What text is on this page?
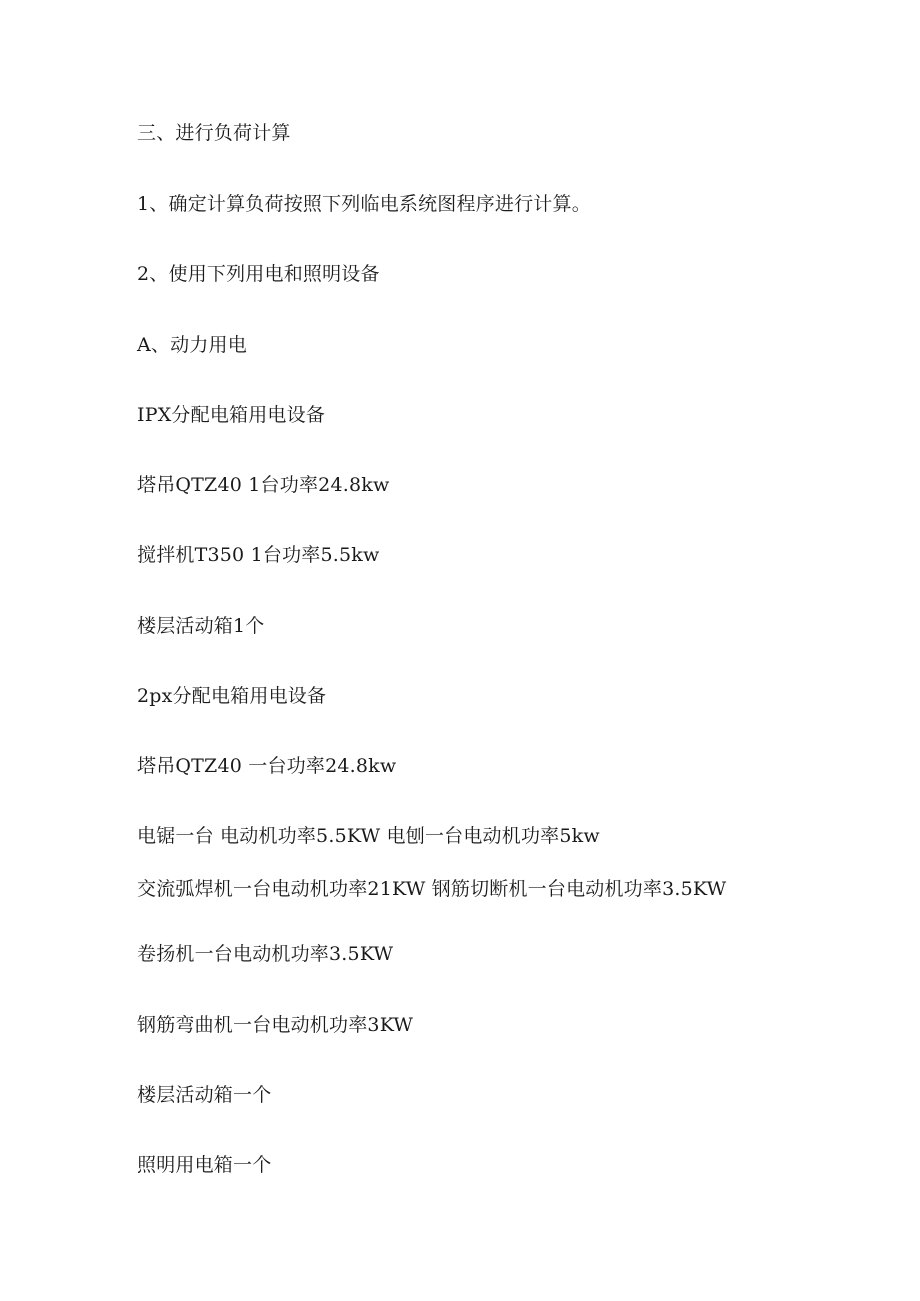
三、进行负荷计算
1、确定计算负荷按照下列临电系统图程序进行计算。
2、使用下列用电和照明设备
A、动力用电
IPX分配电箱用电设备
塔吊QTZ40 1台功率24.8kw
搅拌机T350 1台功率5.5kw
楼层活动箱1个
2px分配电箱用电设备
塔吊QTZ40 一台功率24.8kw
电锯一台 电动机功率5.5KW 电刨一台电动机功率5kw
交流弧焊机一台电动机功率21KW 钢筋切断机一台电动机功率3.5KW
卷扬机一台电动机功率3.5KW
钢筋弯曲机一台电动机功率3KW
楼层活动箱一个
照明用电箱一个
